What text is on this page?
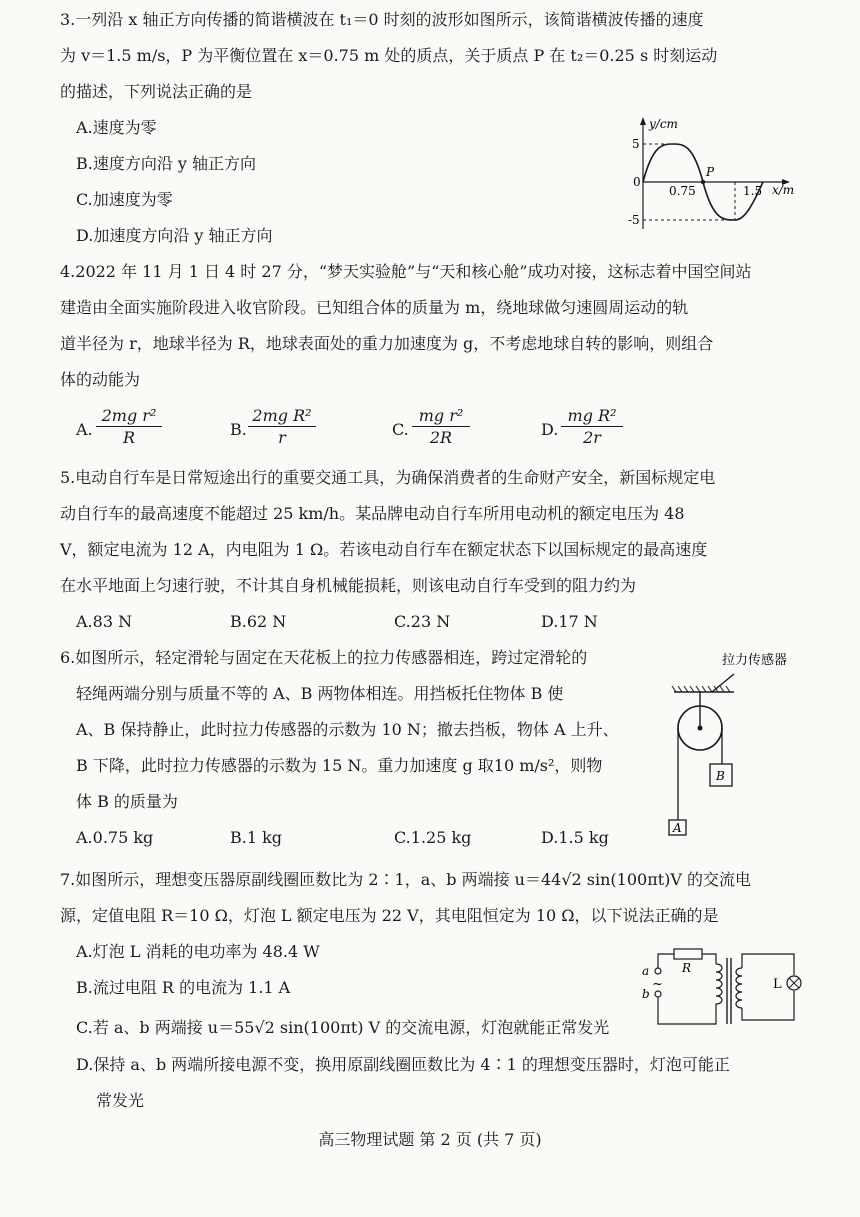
3.一列沿 x 轴正方向传播的简谐横波在 t₁＝0 时刻的波形如图所示，该简谐横波传播的速度
为 v＝1.5 m/s，P 为平衡位置在 x＝0.75 m 处的质点，关于质点 P 在 t₂＝0.25 s 时刻运动
的描述，下列说法正确的是
A.速度为零
B.速度方向沿 y 轴正方向
C.加速度为零
D.加速度方向沿 y 轴正方向
y/cm
x/m
5
-5
0
0.75	1.5
P
4.2022 年 11 月 1 日 4 时 27 分，“梦天实验舱”与“天和核心舱”成功对接，这标志着中国空间站
建造由全面实施阶段进入收官阶段。已知组合体的质量为 m，绕地球做匀速圆周运动的轨
道半径为 r，地球半径为 R，地球表面处的重力加速度为 g，不考虑地球自转的影响，则组合
体的动能为
A. $\frac{\text{2mg r²}}{R}$	B. $\frac{\text{2mg R²}}{r}$	C. $\frac{\text{mg r²}}{2R}$	D. $\frac{\text{mg R²}}{2r}$
5.电动自行车是日常短途出行的重要交通工具，为确保消费者的生命财产安全，新国标规定电
动自行车的最高速度不能超过 25 km/h。某品牌电动自行车所用电动机的额定电压为 48
V，额定电流为 12 A，内电阻为 1 Ω。若该电动自行车在额定状态下以国标规定的最高速度
在水平地面上匀速行驶，不计其自身机械能损耗，则该电动自行车受到的阻力约为
A.83 N	B.62 N	C.23 N	D.17 N
6.如图所示，轻定滑轮与固定在天花板上的拉力传感器相连，跨过定滑轮的
轻绳两端分别与质量不等的 A、B 两物体相连。用挡板托住物体 B 使
A、B 保持静止，此时拉力传感器的示数为 10 N；撤去挡板，物体 A 上升、
B 下降，此时拉力传感器的示数为 15 N。重力加速度 g 取10 m/s²，则物
体 B 的质量为
A.0.75 kg	B.1 kg	C.1.25 kg	D.1.5 kg
拉力传感器
B
A
7.如图所示，理想变压器原副线圈匝数比为 2∶1，a、b 两端接 u＝44√2 sin(100πt)V 的交流电
源，定值电阻 R＝10 Ω，灯泡 L 额定电压为 22 V，其电阻恒定为 10 Ω，以下说法正确的是
A.灯泡 L 消耗的电功率为 48.4 W
B.流过电阻 R 的电流为 1.1 A
C.若 a、b 两端接 u＝55√2 sin(100πt) V 的交流电源，灯泡就能正常发光
D.保持 a、b 两端所接电源不变，换用原副线圈匝数比为 4∶1 的理想变压器时，灯泡可能正
常发光
a
b
~
R
L
高三物理试题 第 2 页 (共 7 页)
